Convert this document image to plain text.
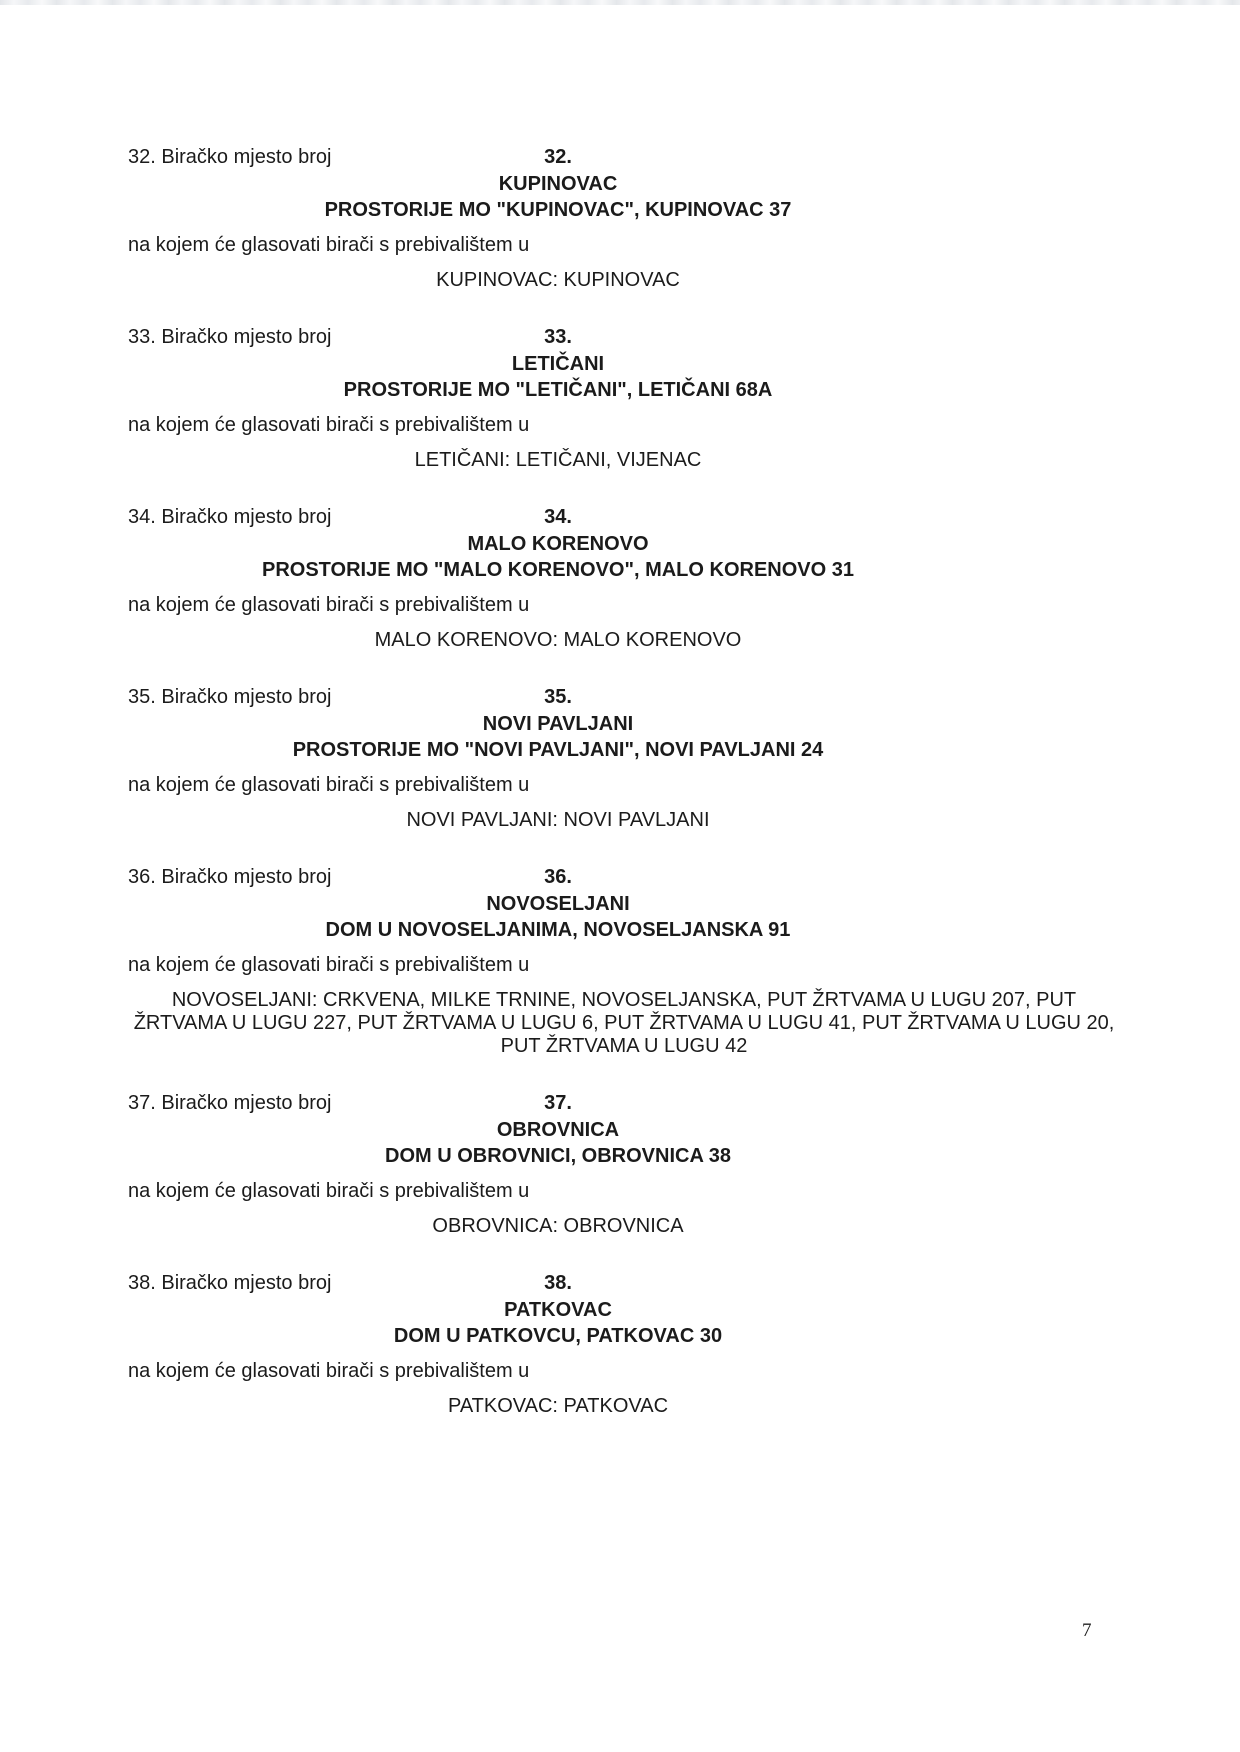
32. Biračko mjesto broj	32.
KUPINOVAC
PROSTORIJE MO "KUPINOVAC", KUPINOVAC 37
na kojem će glasovati birači s prebivalištem u
KUPINOVAC: KUPINOVAC
33. Biračko mjesto broj	33.
LETIČANI
PROSTORIJE MO "LETIČANI", LETIČANI 68A
na kojem će glasovati birači s prebivalištem u
LETIČANI: LETIČANI, VIJENAC
34. Biračko mjesto broj	34.
MALO KORENOVO
PROSTORIJE MO "MALO KORENOVO", MALO KORENOVO 31
na kojem će glasovati birači s prebivalištem u
MALO KORENOVO: MALO KORENOVO
35. Biračko mjesto broj	35.
NOVI PAVLJANI
PROSTORIJE MO "NOVI PAVLJANI", NOVI PAVLJANI 24
na kojem će glasovati birači s prebivalištem u
NOVI PAVLJANI: NOVI PAVLJANI
36. Biračko mjesto broj	36.
NOVOSELJANI
DOM U NOVOSELJANIMA, NOVOSELJANSKA 91
na kojem će glasovati birači s prebivalištem u
NOVOSELJANI: CRKVENA, MILKE TRNINE, NOVOSELJANSKA, PUT ŽRTVAMA U LUGU 207, PUT ŽRTVAMA U LUGU 227, PUT ŽRTVAMA U LUGU 6, PUT ŽRTVAMA U LUGU 41, PUT ŽRTVAMA U LUGU 20, PUT ŽRTVAMA U LUGU 42
37. Biračko mjesto broj	37.
OBROVNICA
DOM U OBROVNICI, OBROVNICA 38
na kojem će glasovati birači s prebivalištem u
OBROVNICA: OBROVNICA
38. Biračko mjesto broj	38.
PATKOVAC
DOM U PATKOVCU, PATKOVAC 30
na kojem će glasovati birači s prebivalištem u
PATKOVAC: PATKOVAC
7
